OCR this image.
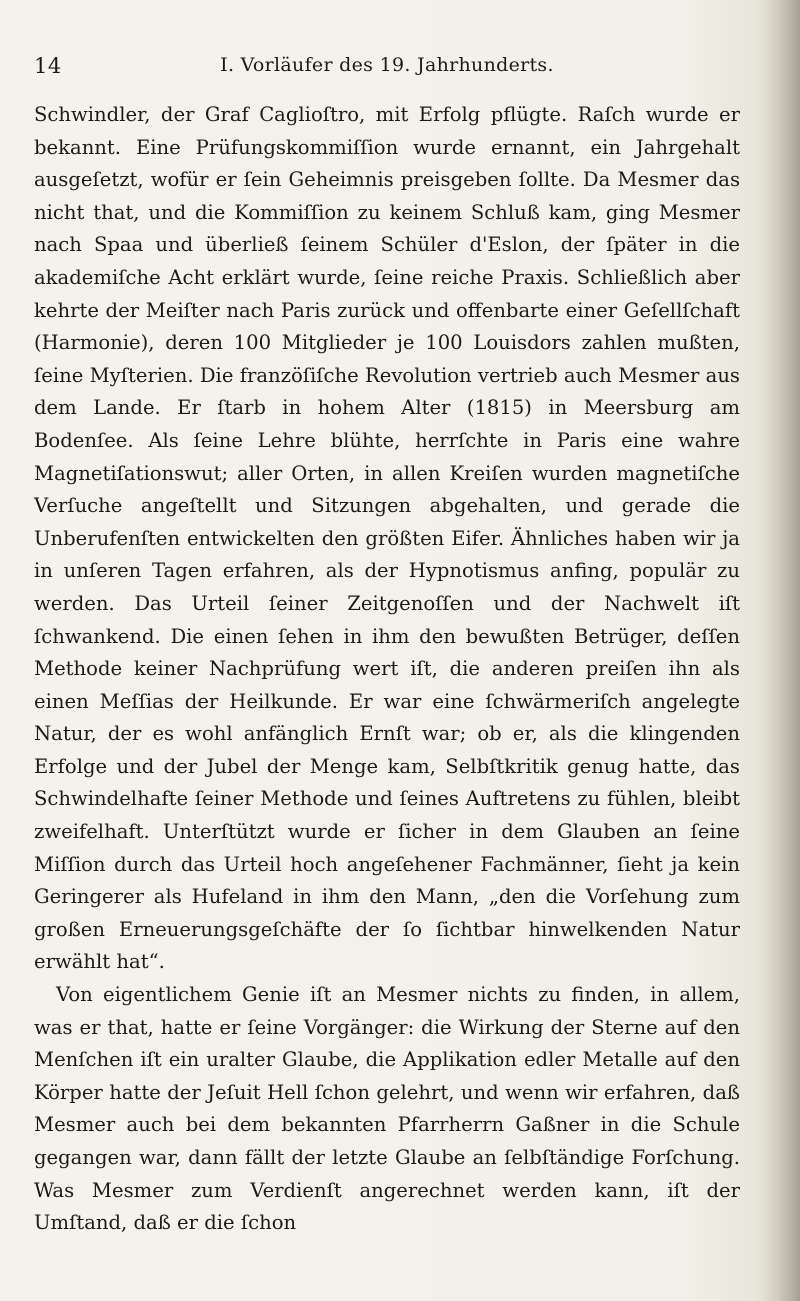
I. Vorläufer des 19. Jahrhunderts.
14

Schwindler, der Graf Caglioſtro, mit Erfolg pflügte. Raſch wurde er bekannt. Eine Prüfungskommiſſion wurde ernannt, ein Jahrgehalt ausgeſetzt, wofür er ſein Geheimnis preisgeben ſollte. Da Mesmer das nicht that, und die Kommiſſion zu keinem Schluß kam, ging Mesmer nach Spaa und überließ ſeinem Schüler d'Eslon, der ſpäter in die akademiſche Acht erklärt wurde, ſeine reiche Praxis. Schließlich aber kehrte der Meiſter nach Paris zurück und offenbarte einer Geſellſchaft (Harmonie), deren 100 Mitglieder je 100 Louisdors zahlen mußten, ſeine Myſterien. Die franzöſiſche Revolution vertrieb auch Mesmer aus dem Lande. Er ſtarb in hohem Alter (1815) in Meersburg am Bodenſee. Als ſeine Lehre blühte, herrſchte in Paris eine wahre Magnetiſationswut; aller Orten, in allen Kreiſen wurden magnetiſche Verſuche angeſtellt und Sitzungen abgehalten, und gerade die Unberufenſten entwickelten den größten Eifer. Ähnliches haben wir ja in unſeren Tagen erfahren, als der Hypnotismus anfing, populär zu werden. Das Urteil ſeiner Zeitgenoſſen und der Nachwelt iſt ſchwankend. Die einen ſehen in ihm den bewußten Betrüger, deſſen Methode keiner Nachprüfung wert iſt, die anderen preiſen ihn als einen Meſſias der Heilkunde. Er war eine ſchwärmeriſch angelegte Natur, der es wohl anfänglich Ernſt war; ob er, als die klingenden Erfolge und der Jubel der Menge kam, Selbſtkritik genug hatte, das Schwindelhafte ſeiner Methode und ſeines Auftretens zu fühlen, bleibt zweifelhaft. Unterſtützt wurde er ſicher in dem Glauben an ſeine Miſſion durch das Urteil hoch angeſehener Fachmänner, ſieht ja kein Geringerer als Hufeland in ihm den Mann, „den die Vorſehung zum großen Erneuerungsgeſchäfte der ſo ſichtbar hinwelkenden Natur erwählt hat“.

Von eigentlichem Genie iſt an Mesmer nichts zu finden, in allem, was er that, hatte er ſeine Vorgänger: die Wirkung der Sterne auf den Menſchen iſt ein uralter Glaube, die Applikation edler Metalle auf den Körper hatte der Jeſuit Hell ſchon gelehrt, und wenn wir erfahren, daß Mesmer auch bei dem bekannten Pfarrherrn Gaßner in die Schule gegangen war, dann fällt der letzte Glaube an ſelbſtändige Forſchung. Was Mesmer zum Verdienſt angerechnet werden kann, iſt der Umſtand, daß er die ſchon
